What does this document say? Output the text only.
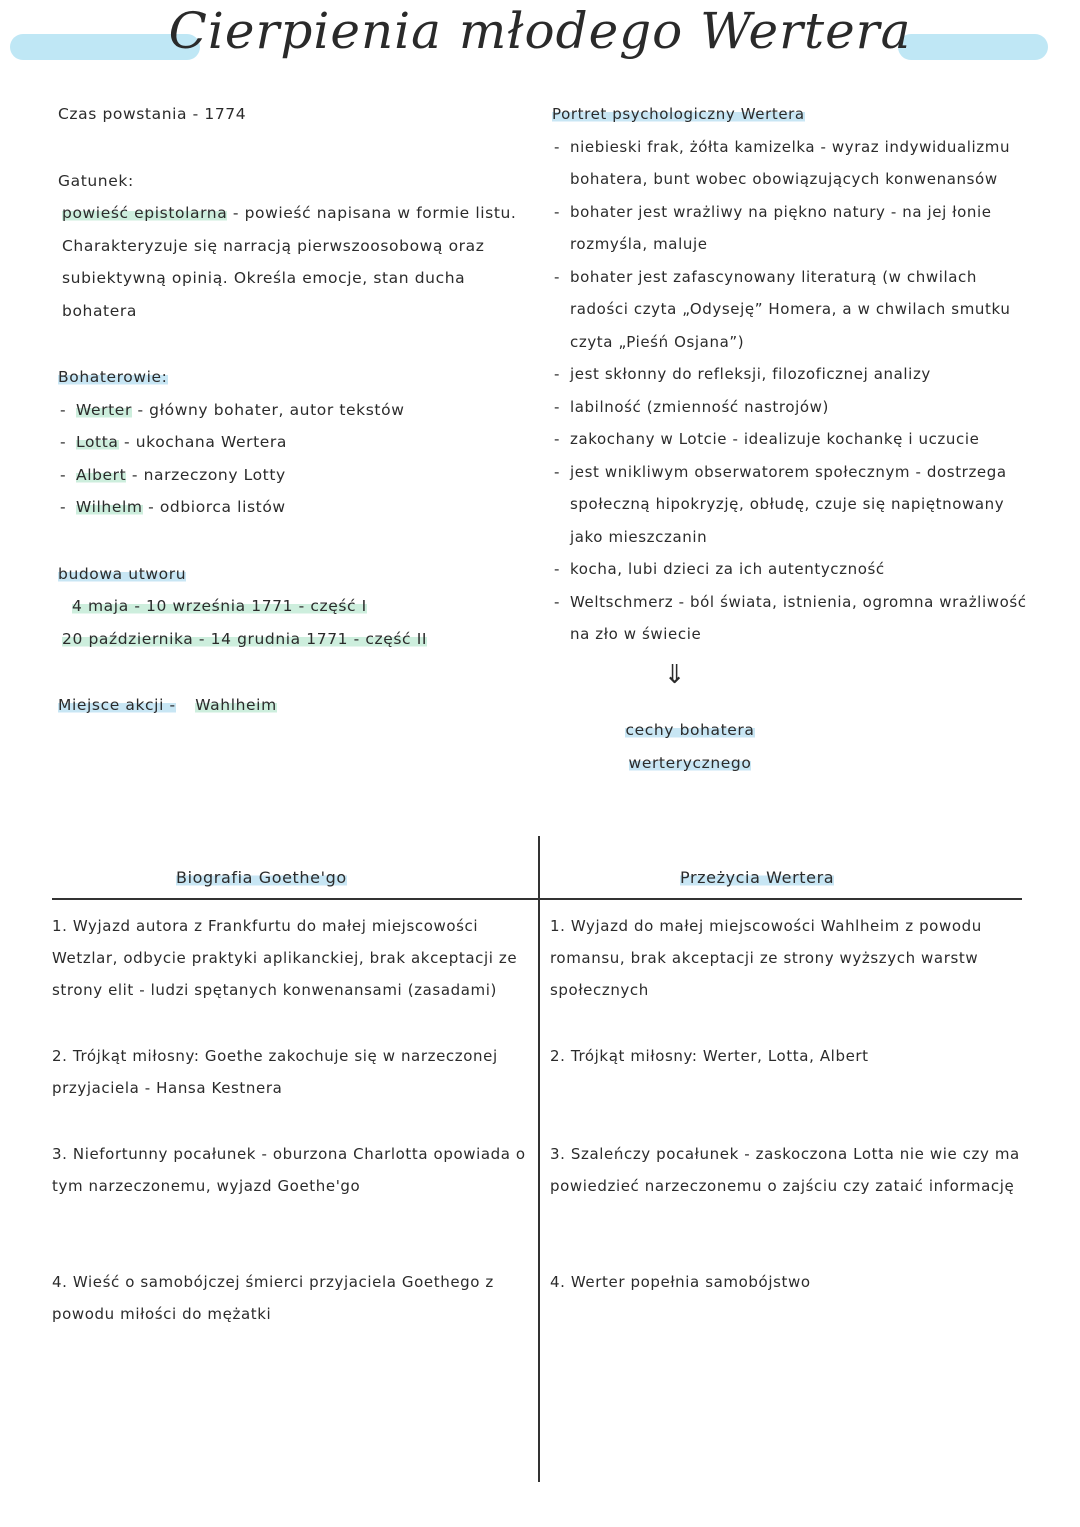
Cierpienia młodego Wertera

Czas powstania - 1774

Gatunek:

powieść epistolarna - powieść napisana w formie listu. Charakteryzuje się narracją pierwszoosobową oraz subiektywną opinią. Określa emocje, stan ducha bohatera

Bohaterowie:

- Werter - główny bohater, autor tekstów
- Lotta - ukochana Wertera
- Albert - narzeczony Lotty
- Wilhelm - odbiorca listów

budowa utworu

4 maja - 10 września 1771 - część I

20 października - 14 grudnia 1771 - część II

Miejsce akcji - Wahlheim

Portret psychologiczny Wertera

- niebieski frak, żółta kamizelka - wyraz indywidualizmu bohatera, bunt wobec obowiązujących konwenansów
- bohater jest wrażliwy na piękno natury - na jej łonie rozmyśla, maluje
- bohater jest zafascynowany literaturą (w chwilach radości czyta „Odyseję” Homera, a w chwilach smutku czyta „Pieśń Osjana”)
- jest skłonny do refleksji, filozoficznej analizy
- labilność (zmienność nastrojów)
- zakochany w Lotcie - idealizuje kochankę i uczucie
- jest wnikliwym obserwatorem społecznym - dostrzega społeczną hipokryzję, obłudę, czuje się napiętnowany jako mieszczanin
- kocha, lubi dzieci za ich autentyczność
- Weltschmerz - ból świata, istnienia, ogromna wrażliwość na zło w świecie
⇓

cechy bohatera

werterycznego

Biografia Goethe'go	Przeżycia Wertera
1. Wyjazd autora z Frankfurtu do małej miejscowości Wetzlar, odbycie praktyki aplikanckiej, brak akceptacji ze strony elit - ludzi spętanych konwenansami (zasadami)
2. Trójkąt miłosny: Goethe zakochuje się w narzeczonej przyjaciela - Hansa Kestnera
3. Niefortunny pocałunek - oburzona Charlotta opowiada o tym narzeczonemu, wyjazd Goethe'go
4. Wieść o samobójczej śmierci przyjaciela Goethego z powodu miłości do mężatki
1. Wyjazd do małej miejscowości Wahlheim z powodu romansu, brak akceptacji ze strony wyższych warstw społecznych
2. Trójkąt miłosny: Werter, Lotta, Albert
3. Szaleńczy pocałunek - zaskoczona Lotta nie wie czy ma powiedzieć narzeczonemu o zajściu czy zataić informację
4. Werter popełnia samobójstwo
